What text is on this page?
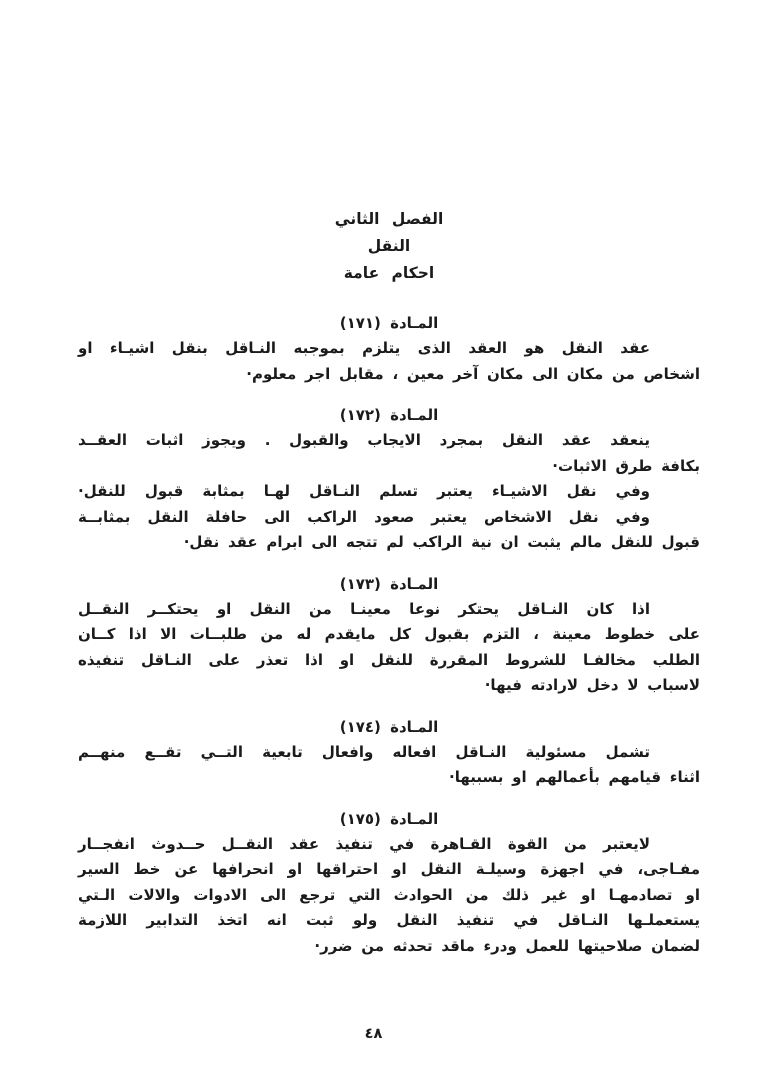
الفصل الثاني
النقل
احكام عامة
المـادة (١٧١)
عقد النقل هو العقد الذى يتلزم بموجبه النـاقل بنقل اشيـاء او
اشخاص من مكان الى مكان آخر معين ، مقابل اجر معلوم·
المـادة (١٧٢)
ينعقد عقد النقل بمجرد الايجاب والقبول . ويجوز اثبات العقــد
بكافة طرق الاثبات·
وفي نقل الاشيـاء يعتبر تسلم النـاقل لهـا بمثابة قبول للنقل·
وفي نقل الاشخاص يعتبر صعود الراكب الى حافلة النقل بمثابــة
قبول للنقل مالم يثبت ان نية الراكب لم تتجه الى ابرام عقد نقل·
المـادة (١٧٣)
اذا كان النـاقل يحتكر نوعا معينـا من النقل او يحتكــر النقــل
على خطوط معينة ، التزم بقبول كل مايقدم له من طلبــات الا اذا كــان
الطلب مخالفـا للشروط المقررة للنقل او اذا تعذر على النـاقل تنفيذه
لاسباب لا دخل لارادته فيها·
المـادة (١٧٤)
تشمل مسئولية النـاقل افعاله وافعال تابعية التــي تقــع منهــم
اثناء قيامهم بأعمالهم او بسببها·
المـادة (١٧٥)
لايعتبر من القوة القـاهرة في تنفيذ عقد النقــل حــدوث انفجــار
مفـاجى، في اجهزة وسيلـة النقل او احتراقها او انحرافها عن خط السير
او تصادمهـا او غير ذلك من الحوادث التي ترجع الى الادوات والالات الـتي
يستعملـها النـاقل في تنفيذ النقل ولو ثبت انه اتخذ التدابير اللازمة
لضمان صلاحيتها للعمل ودرء ماقد تحدثه من ضرر·
٤٨
